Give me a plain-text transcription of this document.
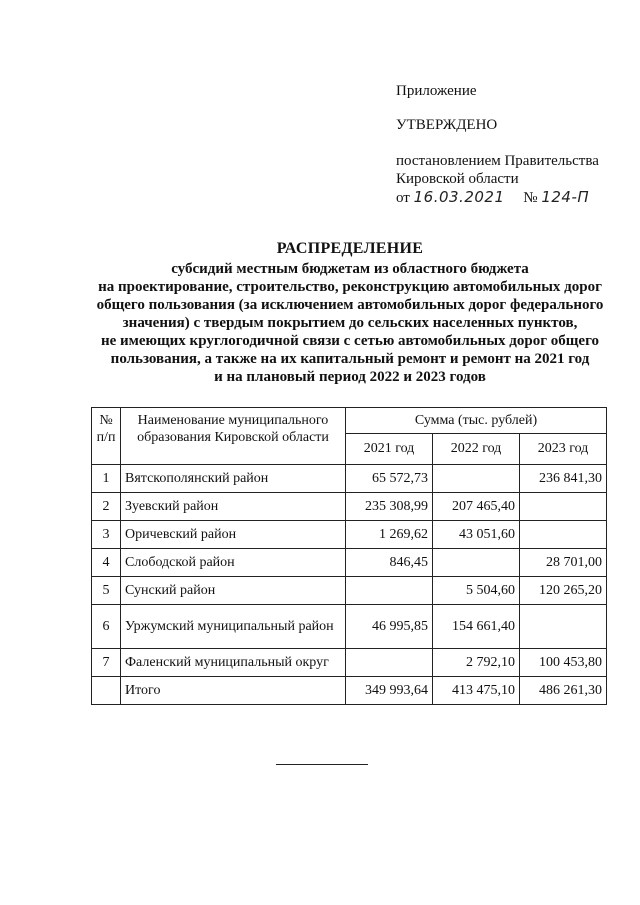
Приложение
УТВЕРЖДЕНО
постановлением Правительства
Кировской области
от 16.03.2021 № 124-П
РАСПРЕДЕЛЕНИЕ
субсидий местным бюджетам из областного бюджета
на проектирование, строительство, реконструкцию автомобильных дорог
общего пользования (за исключением автомобильных дорог федерального
значения) с твердым покрытием до сельских населенных пунктов,
не имеющих круглогодичной связи с сетью автомобильных дорог общего
пользования, а также на их капитальный ремонт и ремонт на 2021 год
и на плановый период 2022 и 2023 годов
№ п/п	Наименование муниципального образования Кировской области	Сумма (тыс. рублей)		
		2021 год	2022 год	2023 год
1	Вятскополянский район	65 572,73		236 841,30
2	Зуевский район	235 308,99	207 465,40	
3	Оричевский район	1 269,62	43 051,60	
4	Слободской район	846,45		28 701,00
5	Сунский район		5 504,60	120 265,20
6	Уржумский муниципальный район	46 995,85	154 661,40	
7	Фаленский муниципальный округ		2 792,10	100 453,80
	Итого	349 993,64	413 475,10	486 261,30
